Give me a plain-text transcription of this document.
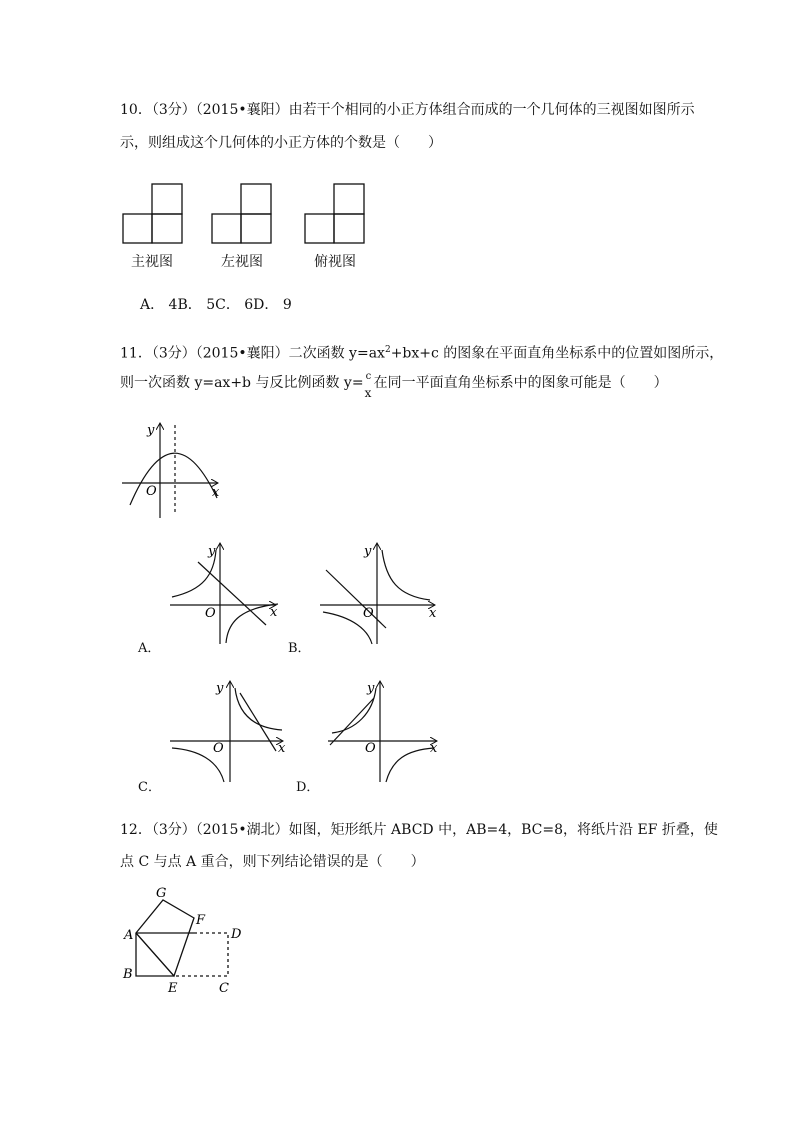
10．（3分）（2015•襄阳）由若干个相同的小正方体组合而成的一个几何体的三视图如图所示
示，则组成这个几何体的小正方体的个数是（　　）
主视图	左视图	俯视图
A． 4B． 5C． 6D． 9
11．（3分）（2015•襄阳）二次函数 $y=ax^2+bx+c$ 的图象在平面直角坐标系中的位置如图所示，
则一次函数 y=ax+b 与反比例函数 y= c
x
在同一平面直角坐标系中的图象可能是（　　）
y
x
O
y
x
O
A．
y
x
O
B．
y
x
O
C．
y
x
O
D．
12．（3分）（2015•湖北）如图，矩形纸片 ABCD 中，AB=4，BC=8，将纸片沿 EF 折叠，使
点 C 与点 A 重合，则下列结论错误的是（　　）
A
B
C
D
E
F
G
